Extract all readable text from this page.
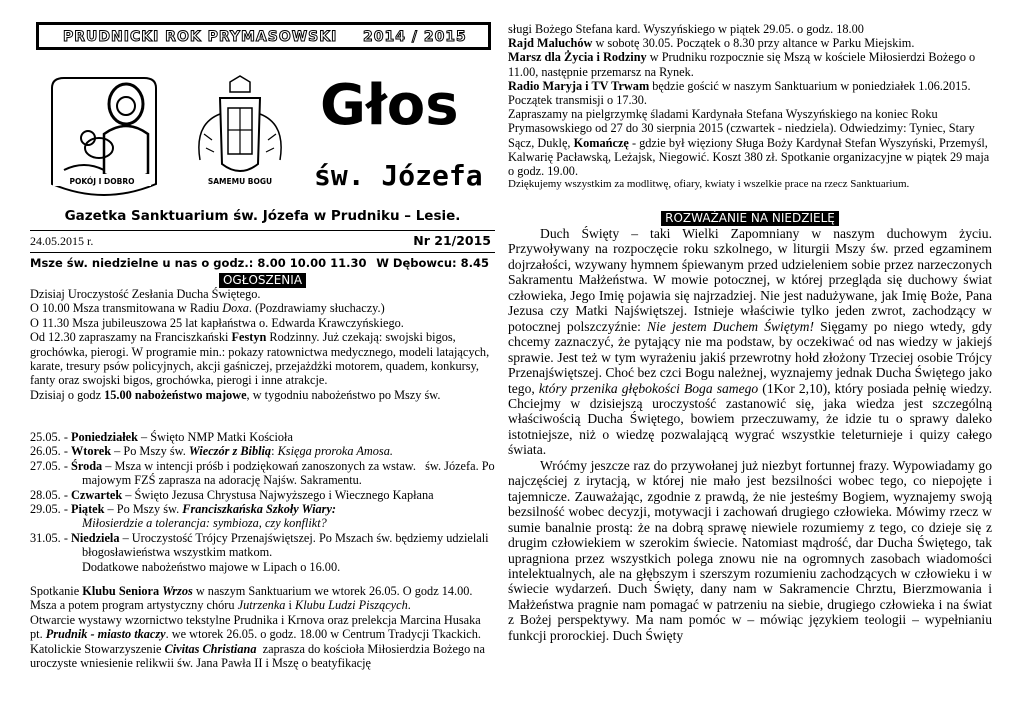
PRUDNICKI ROK PRYMASOWSKI 2014 / 2015
POKÓJ I DOBRO	SAMEMU BOGU
Głos
św. Józefa
Gazetka Sanktuarium św. Józefa w Prudniku – Lesie.
24.05.2015 r.	Nr 21/2015
Msze św. niedzielne u nas o godz.: 8.00 10.00 11.30 W Dębowcu: 8.45
OGŁOSZENIA

Dzisiaj Uroczystość Zesłania Ducha Świętego.

O 10.00 Msza transmitowana w Radiu Doxa. (Pozdrawiamy słuchaczy.)

O 11.30 Msza jubileuszowa 25 lat kapłaństwa o. Edwarda Krawczyńskiego.

Od 12.30 zapraszamy na Franciszkański Festyn Rodzinny. Już czekają: swojski bigos, grochówka, pierogi. W programie min.: pokazy ratownictwa medycznego, modeli latających, karate, tresury psów policyjnych, akcji gaśniczej, przejażdżki motorem, quadem, konkursy, fanty oraz swojski bigos, grochówka, pierogi i inne atrakcje.

Dzisiaj o godz 15.00 nabożeństwo majowe, w tygodniu nabożeństwo po Mszy św.

25.05. - Poniedziałek – Święto NMP Matki Kościoła

26.05. - Wtorek – Po Mszy św. Wieczór z Biblią: Księga proroka Amosa.

27.05. - Środa – Msza w intencji próśb i podziękowań zanoszonych za wstaw.   św. Józefa. Po majowym FZŚ zaprasza na adorację Najśw. Sakramentu.

28.05. - Czwartek – Święto Jezusa Chrystusa Najwyższego i Wiecznego Kapłana

29.05. - Piątek – Po Mszy św. Franciszkańska Szkoły Wiary:

Miłosierdzie a tolerancja: symbioza, czy konflikt?

31.05. - Niedziela – Uroczystość Trójcy Przenajświętszej. Po Mszach św. będziemy udzielali błogosławieństwa wszystkim matkom.

Dodatkowe nabożeństwo majowe w Lipach o 16.00.

Spotkanie Klubu Seniora Wrzos w naszym Sanktuarium we wtorek 26.05. O godz 14.00. Msza a potem program artystyczny chóru Jutrzenka i Klubu Ludzi Piszących.

Otwarcie wystawy wzornictwo tekstylne Prudnika i Krnova oraz prelekcja Marcina Husaka pt. Prudnik - miasto tkaczy. we wtorek 26.05. o godz. 18.00 w Centrum Tradycji Tkackich.

Katolickie Stowarzyszenie Civitas Christiana  zaprasza do kościoła Miłosierdzia Bożego na uroczyste wniesienie relikwii św. Jana Pawła II i Mszę o beatyfikację

sługi Bożego Stefana kard. Wyszyńskiego w piątek 29.05. o godz. 18.00

Rajd Maluchów w sobotę 30.05. Początek o 8.30 przy altance w Parku Miejskim.

Marsz dla Życia i Rodziny w Prudniku rozpocznie się Mszą w kościele Miłosierdzi Bożego o 11.00, następnie przemarsz na Rynek.

Radio Maryja i TV Trwam będzie gościć w naszym Sanktuarium w poniedziałek 1.06.2015. Początek transmisji o 17.30.

Zapraszamy na pielgrzymkę śladami Kardynała Stefana Wyszyńskiego na koniec Roku Prymasowskiego od 27 do 30 sierpnia 2015 (czwartek - niedziela). Odwiedzimy: Tyniec, Stary Sącz, Duklę, Komańczę - gdzie był więziony Sługa Boży Kardynał Stefan Wyszyński, Przemyśl, Kalwarię Pacławską, Leżajsk, Niegowić. Koszt 380 zł. Spotkanie organizacyjne w piątek 29 maja o godz. 19.00.

Dziękujemy wszystkim za modlitwę, ofiary, kwiaty i wszelkie prace na rzecz Sanktuarium.

ROZWAŻANIE NA NIEDZIELĘ

Duch Święty – taki Wielki Zapomniany w naszym duchowym życiu. Przywoływany na rozpoczęcie roku szkolnego, w liturgii Mszy św. przed egzaminem dojrzałości, wzywany hymnem śpiewanym przed udzieleniem sobie przez narzeczonych Sakramentu Małżeństwa. W mowie potocznej, w której przegląda się duchowy świat człowieka, Jego Imię pojawia się najrzadziej. Nie jest nadużywane, jak Imię Boże, Pana Jezusa czy Matki Najświętszej. Istnieje właściwie tylko jeden zwrot, zachodzący w potocznej polszczyźnie: Nie jestem Duchem Świętym! Sięgamy po niego wtedy, gdy chcemy zaznaczyć, że pytający nie ma podstaw, by oczekiwać od nas wiedzy w jakiejś sprawie. Jest też w tym wyrażeniu jakiś przewrotny hołd złożony Trzeciej osobie Trójcy Przenajświętszej. Choć bez czci Bogu należnej, wyznajemy jednak Ducha Świętego jako tego, który przenika głębokości Boga samego (1Kor 2,10), który posiada pełnię wiedzy. Chciejmy w dzisiejszą uroczystość zastanowić się, jaka wiedza jest szczególną właściwością Ducha Świętego, bowiem przeczuwamy, że idzie tu o sprawy daleko istotniejsze, niż o wiedzę pozwalającą wygrać wszystkie teleturnieje i quizy całego świata.

Wróćmy jeszcze raz do przywołanej już niezbyt fortunnej frazy. Wypowiadamy go najczęściej z irytacją, w której nie mało jest bezsilności wobec tego, co niepojęte i tajemnicze. Zauważając, zgodnie z prawdą, że nie jesteśmy Bogiem, wyznajemy swoją bezsilność wobec decyzji, motywacji i zachowań drugiego człowieka. Mówimy rzecz w sumie banalnie prostą: że na dobrą sprawę niewiele rozumiemy z tego, co dzieje się z drugim człowiekiem w szerokim świecie. Natomiast mądrość, dar Ducha Świętego, tak upragniona przez wszystkich polega znowu nie na ogromnych zasobach wiadomości intelektualnych, ale na głębszym i szerszym rozumieniu zachodzących w człowieku i w świecie wydarzeń. Duch Święty, dany nam w Sakramencie Chrztu, Bierzmowania i Małżeństwa pragnie nam pomagać w patrzeniu na siebie, drugiego człowieka i na świat z Bożej perspektywy. Ma nam pomóc w – mówiąc językiem teologii – wypełnianiu funkcji prorockiej. Duch Święty
